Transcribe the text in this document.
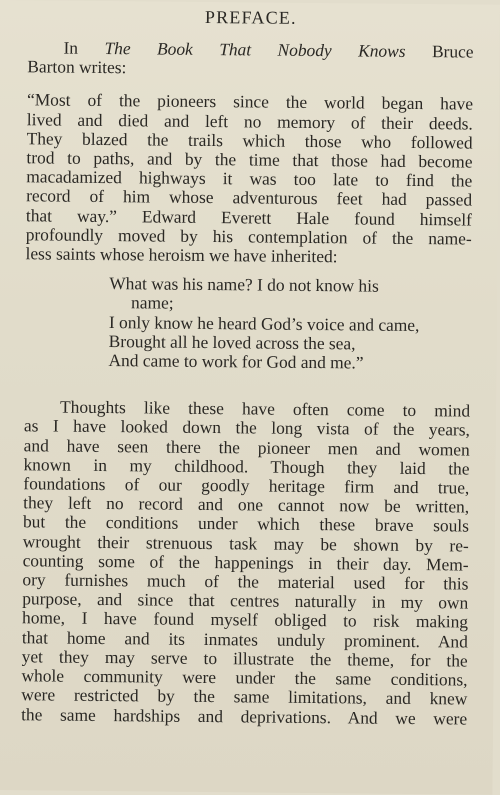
PREFACE.
In The Book That Nobody Knows Bruce
Barton writes:
“Most of the pioneers since the world began have
lived and died and left no memory of their deeds.
They blazed the trails which those who followed
trod to paths, and by the time that those had become
macadamized highways it was too late to find the
record of him whose adventurous feet had passed
that way.” Edward Everett Hale found himself
profoundly moved by his contemplation of the name-
less saints whose heroism we have inherited:
What was his name? I do not know his
name;
I only know he heard God’s voice and came,
Brought all he loved across the sea,
And came to work for God and me.”
Thoughts like these have often come to mind
as I have looked down the long vista of the years,
and have seen there the pioneer men and women
known in my childhood. Though they laid the
foundations of our goodly heritage firm and true,
they left no record and one cannot now be written,
but the conditions under which these brave souls
wrought their strenuous task may be shown by re-
counting some of the happenings in their day. Mem-
ory furnishes much of the material used for this
purpose, and since that centres naturally in my own
home, I have found myself obliged to risk making
that home and its inmates unduly prominent. And
yet they may serve to illustrate the theme, for the
whole community were under the same conditions,
were restricted by the same limitations, and knew
the same hardships and deprivations. And we were
